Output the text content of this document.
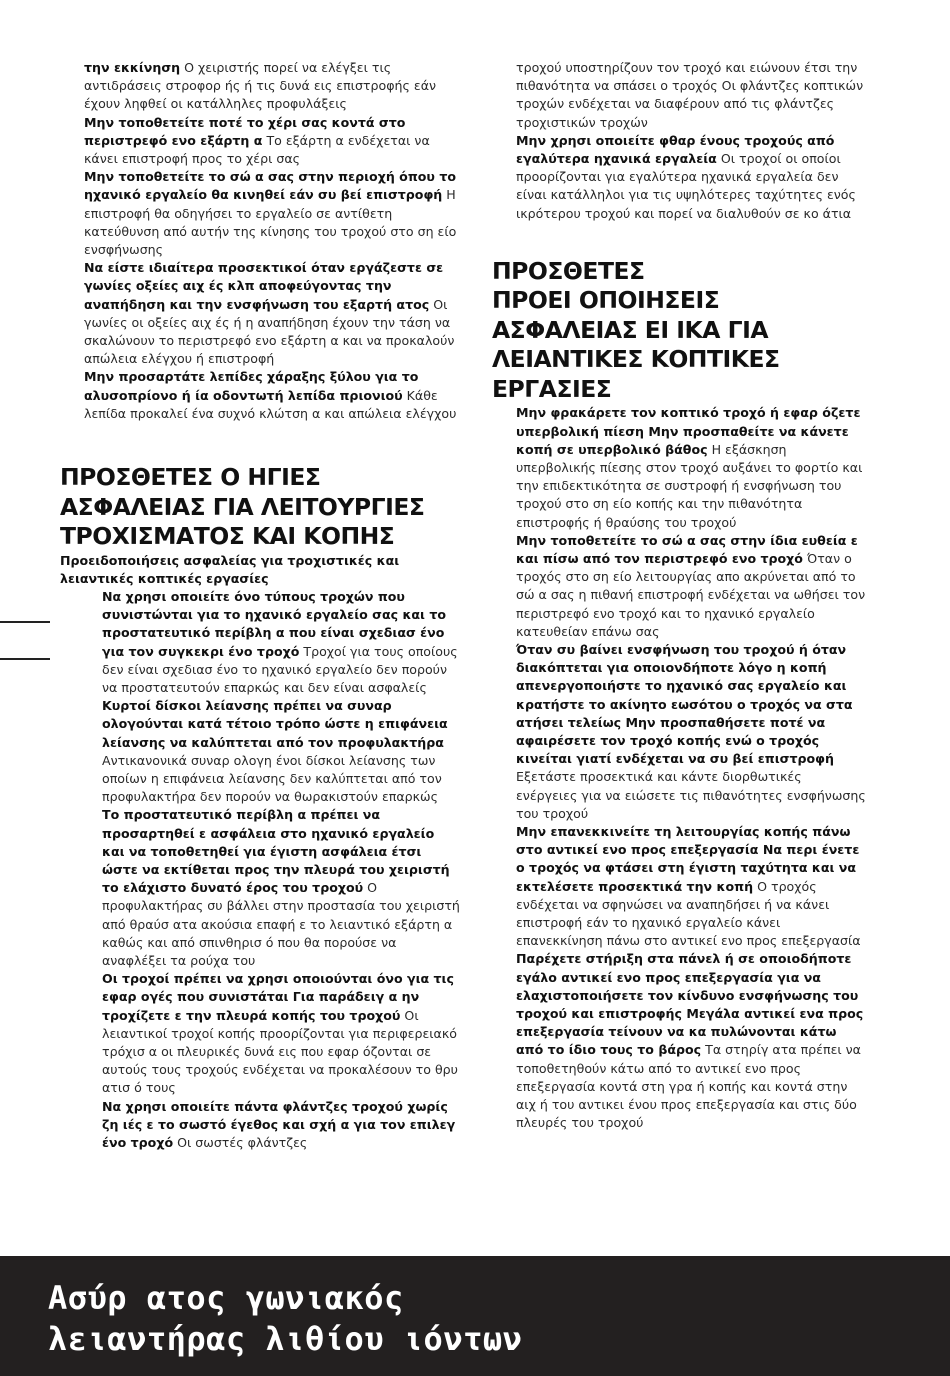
την εκκίνηση Ο χειριστής πορεί να ελέγξει τις αντιδράσεις στροφορ ής ή τις δυνά εις επιστροφής εάν έχουν ληφθεί οι κατάλληλες προφυλάξεις

Μην τοποθετείτε ποτέ το χέρι σας κοντά στο περιστρεφό ενο εξάρτη α Το εξάρτη α ενδέχεται να κάνει επιστροφή προς το χέρι σας

Μην τοποθετείτε το σώ α σας στην περιοχή όπου το ηχανικό εργαλείο θα κινηθεί εάν συ βεί επιστροφή Η επιστροφή θα οδηγήσει το εργαλείο σε αντίθετη κατεύθυνση από αυτήν της κίνησης του τροχού στο ση είο ενσφήνωσης

Να είστε ιδιαίτερα προσεκτικοί όταν εργάζεστε σε γωνίες οξείες αιχ ές κλπ αποφεύγοντας την αναπήδηση και την ενσφήνωση του εξαρτή ατος Οι γωνίες οι οξείες αιχ ές ή η αναπήδηση έχουν την τάση να σκαλώνουν το περιστρεφό ενο εξάρτη α και να προκαλούν απώλεια ελέγχου ή επιστροφή

Μην προσαρτάτε λεπίδες χάραξης ξύλου για το αλυσοπρίονο ή ία οδοντωτή λεπίδα πριονιού Κάθε λεπίδα προκαλεί ένα συχνό κλώτση α και απώλεια ελέγχου

ΠΡΟΣΘΕΤΕΣ Ο ΗΓΙΕΣ
ΑΣΦΑΛΕΙΑΣ ΓΙΑ ΛΕΙΤΟΥΡΓΙΕΣ
ΤΡΟΧΙΣΜΑΤΟΣ ΚΑΙ ΚΟΠΗΣ

Προειδοποιήσεις ασφαλείας για τροχιστικές και λειαντικές κοπτικές εργασίες

Να χρησι οποιείτε όνο τύπους τροχών που συνιστώνται για το ηχανικό εργαλείο σας και το προστατευτικό περίβλη α που είναι σχεδιασ ένο για τον συγκεκρι ένο τροχό Τροχοί για τους οποίους δεν είναι σχεδιασ ένο το ηχανικό εργαλείο δεν πορούν να προστατευτούν επαρκώς και δεν είναι ασφαλείς

Κυρτοί δίσκοι λείανσης πρέπει να συναρ ολογούνται κατά τέτοιο τρόπο ώστε η επιφάνεια λείανσης να καλύπτεται από τον προφυλακτήρα Αντικανονικά συναρ ολογη ένοι δίσκοι λείανσης των οποίων η επιφάνεια λείανσης δεν καλύπτεται από τον προφυλακτήρα δεν πορούν να θωρακιστούν επαρκώς

Το προστατευτικό περίβλη α πρέπει να προσαρτηθεί ε ασφάλεια στο ηχανικό εργαλείο και να τοποθετηθεί για έγιστη ασφάλεια έτσι ώστε να εκτίθεται προς την πλευρά του χειριστή το ελάχιστο δυνατό έρος του τροχού Ο προφυλακτήρας συ βάλλει στην προστασία του χειριστή από θραύσ ατα ακούσια επαφή ε το λειαντικό εξάρτη α καθώς και από σπινθηρισ ό που θα πορούσε να αναφλέξει τα ρούχα του

Οι τροχοί πρέπει να χρησι οποιούνται όνο για τις εφαρ ογές που συνιστάται Για παράδειγ α ην τροχίζετε ε την πλευρά κοπής του τροχού Οι λειαντικοί τροχοί κοπής προορίζονται για περιφερειακό τρόχισ α οι πλευρικές δυνά εις που εφαρ όζονται σε αυτούς τους τροχούς ενδέχεται να προκαλέσουν το θρυ ατισ ό τους

Να χρησι οποιείτε πάντα φλάντζες τροχού χωρίς ζη ιές ε το σωστό έγεθος και σχή α για τον επιλεγ ένο τροχό Οι σωστές φλάντζες

τροχού υποστηρίζουν τον τροχό και ειώνουν έτσι την πιθανότητα να σπάσει ο τροχός Οι φλάντζες κοπτικών τροχών ενδέχεται να διαφέρουν από τις φλάντζες τροχιστικών τροχών

Μην χρησι οποιείτε φθαρ ένους τροχούς από εγαλύτερα ηχανικά εργαλεία Οι τροχοί οι οποίοι προορίζονται για εγαλύτερα ηχανικά εργαλεία δεν είναι κατάλληλοι για τις υψηλότερες ταχύτητες ενός ικρότερου τροχού και πορεί να διαλυθούν σε κο άτια

ΠΡΟΣΘΕΤΕΣ
ΠΡΟΕΙ ΟΠΟΙΗΣΕΙΣ
ΑΣΦΑΛΕΙΑΣ ΕΙ ΙΚΑ ΓΙΑ
ΛΕΙΑΝΤΙΚΕΣ ΚΟΠΤΙΚΕΣ
ΕΡΓΑΣΙΕΣ

Μην φρακάρετε τον κοπτικό τροχό ή εφαρ όζετε υπερβολική πίεση Μην προσπαθείτε να κάνετε κοπή σε υπερβολικό βάθος Η εξάσκηση υπερβολικής πίεσης στον τροχό αυξάνει το φορτίο και την επιδεκτικότητα σε συστροφή ή ενσφήνωση του τροχού στο ση είο κοπής και την πιθανότητα επιστροφής ή θραύσης του τροχού

Μην τοποθετείτε το σώ α σας στην ίδια ευθεία ε και πίσω από τον περιστρεφό ενο τροχό Όταν ο τροχός στο ση είο λειτουργίας απο ακρύνεται από το σώ α σας η πιθανή επιστροφή ενδέχεται να ωθήσει τον περιστρεφό ενο τροχό και το ηχανικό εργαλείο κατευθείαν επάνω σας

Όταν συ βαίνει ενσφήνωση του τροχού ή όταν διακόπτεται για οποιονδήποτε λόγο η κοπή απενεργοποιήστε το ηχανικό σας εργαλείο και κρατήστε το ακίνητο εωσότου ο τροχός να στα ατήσει τελείως Μην προσπαθήσετε ποτέ να αφαιρέσετε τον τροχό κοπής ενώ ο τροχός κινείται γιατί ενδέχεται να συ βεί επιστροφή Εξετάστε προσεκτικά και κάντε διορθωτικές ενέργειες για να ειώσετε τις πιθανότητες ενσφήνωσης του τροχού

Μην επανεκκινείτε τη λειτουργίας κοπής πάνω στο αντικεί ενο προς επεξεργασία Να περι ένετε ο τροχός να φτάσει στη έγιστη ταχύτητα και να εκτελέσετε προσεκτικά την κοπή Ο τροχός ενδέχεται να σφηνώσει να αναπηδήσει ή να κάνει επιστροφή εάν το ηχανικό εργαλείο κάνει επανεκκίνηση πάνω στο αντικεί ενο προς επεξεργασία

Παρέχετε στήριξη στα πάνελ ή σε οποιοδήποτε εγάλο αντικεί ενο προς επεξεργασία για να ελαχιστοποιήσετε τον κίνδυνο ενσφήνωσης του τροχού και επιστροφής Μεγάλα αντικεί ενα προς επεξεργασία τείνουν να κα πυλώνονται κάτω από το ίδιο τους το βάρος Τα στηρίγ ατα πρέπει να τοποθετηθούν κάτω από το αντικεί ενο προς επεξεργασία κοντά στη γρα ή κοπής και κοντά στην αιχ ή του αντικει ένου προς επεξεργασία και στις δύο πλευρές του τροχού

Ασύρ ατος γωνιακός
λειαντήρας λιθίου ιόντων
